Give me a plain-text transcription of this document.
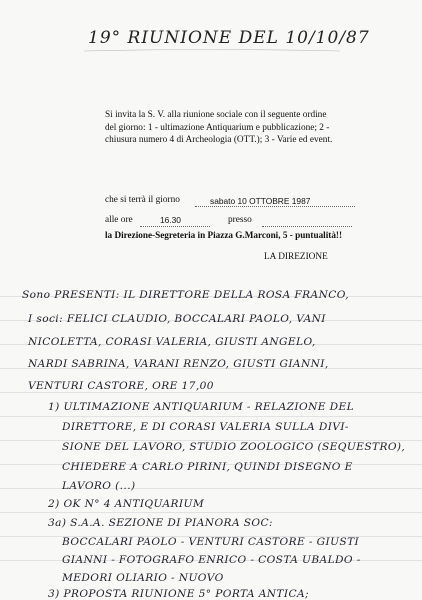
19° RIUNIONE DEL 10/10/87
Si invita la S. V. alla riunione sociale con il seguente ordine
del giorno: 1 - ultimazione Antiquarium e pubblicazione; 2 -
chiusura numero 4 di Archeologia (OTT.); 3 - Varie ed event.
che si terrà il giorno	sabato 10 OTTOBRE 1987
alle ore	16.30	presso
la Direzione-Segreteria in Piazza G.Marconi, 5 - puntualità!!
LA DIREZIONE
Sono PRESENTI: IL DIRETTORE DELLA ROSA FRANCO,
I soci: FELICI CLAUDIO, BOCCALARI PAOLO, VANI
NICOLETTA, CORASI VALERIA, GIUSTI ANGELO,
NARDI SABRINA, VARANI RENZO, GIUSTI GIANNI,
VENTURI CASTORE, ORE 17,00
1) ULTIMAZIONE ANTIQUARIUM - RELAZIONE DEL
DIRETTORE, E DI CORASI VALERIA SULLA DIVI-
SIONE DEL LAVORO, STUDIO ZOOLOGICO (SEQUESTRO),
CHIEDERE A CARLO PIRINI, QUINDI DISEGNO E
LAVORO (...)
2) OK N° 4 ANTIQUARIUM
3a) S.A.A. SEZIONE DI PIANORA SOC:
BOCCALARI PAOLO - VENTURI CASTORE - GIUSTI
GIANNI - FOTOGRAFO ENRICO - COSTA UBALDO -
MEDORI OLIARIO - NUOVO
3) PROPOSTA RIUNIONE 5° PORTA ANTICA;
